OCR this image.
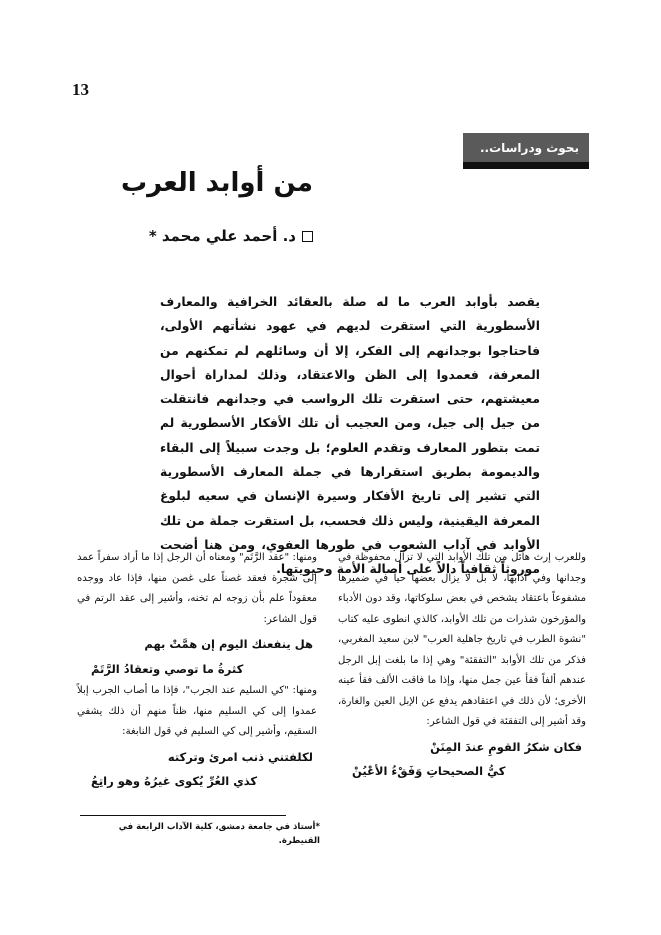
13
بحوث ودراسات..
من أوابد العرب
د. أحمد علي محمد *
يقصد بأوابد العرب ما له صلة بالعقائد الخرافية والمعارف الأسطورية التي استقرت لديهم في عهود نشأتهم الأولى، فاحتاجوا بوجدانهم إلى الفكر، إلا أن وسائلهم لم تمكنهم من المعرفة، فعمدوا إلى الظن والاعتقاد، وذلك لمداراة أحوال معيشتهم، حتى استقرت تلك الرواسب في وجدانهم فانتقلت من جيل إلى جيل، ومن العجيب أن تلك الأفكار الأسطورية لم تمت بتطور المعارف وتقدم العلوم؛ بل وجدت سبيلاً إلى البقاء والديمومة بطريق استقرارها في جملة المعارف الأسطورية التي تشير إلى تاريخ الأفكار وسيرة الإنسان في سعيه لبلوغ المعرفة اليقينية، وليس ذلك فحسب، بل استقرت جملة من تلك الأوابد في آداب الشعوب في طورها العفوي، ومن هنا أضحت موروثاً ثقافياً دالاً على أصالة الأمة وحيويتها.

وللعرب إرث هائل من تلك الأوابد التي لا تزال محفوظة في وجدانها وفي آدابها، لا بل لا يزال بعضها حياً في ضميرها مشفوعاً باعتقاد يشخص في بعض سلوكاتها، وقد دون الأدباء والمؤرخون شذرات من تلك الأوابد، كالذي انطوى عليه كتاب "نشوة الطرب في تاريخ جاهلية العرب" لابن سعيد المغربي، فذكر من تلك الأوابد "التفقئة" وهي إذا ما بلغت إبل الرجل عندهم ألفاً فقأ عين جمل منها، وإذا ما فاقت الألف فقأ عينه الأخرى؛ لأن ذلك في اعتقادهم يدفع عن الإبل العين والغارة، وقد أشير إلى التفقئة في قول الشاعر:

فكان شكرُ القومِ عندَ المِنَنْ
كيُّ الصحيحاتِ وَفَقْءُ الأعْيُنْ

ومنها: "عقد الرَّتَم" ومعناه أن الرجل إذا ما أراد سفراً عمد إلى شجرة فعقد غصناً على غصن منها، فإذا عاد ووجده معقوداً علم بأن زوجه لم تخنه، وأشير إلى عقد الرتم في قول الشاعر:

هل ينفعنك اليوم إن همَّتْ بهم
كثرةُ ما توصي وتعقادُ الرَّتَمْ

ومنها: "كي السليم عند الجرب"، فإذا ما أصاب الجرب إبلاً عمدوا إلى كي السليم منها، ظناً منهم أن ذلك يشفي السقيم، وأشير إلى كي السليم في قول النابغة:

لكلفتني ذنب امرئ وتركته
كذي العُرِّ يُكوى غيرُهُ وهو راتِعُ
*أستاذ في جامعة دمشق، كلية الآداب الرابعة في القنيطرة.
